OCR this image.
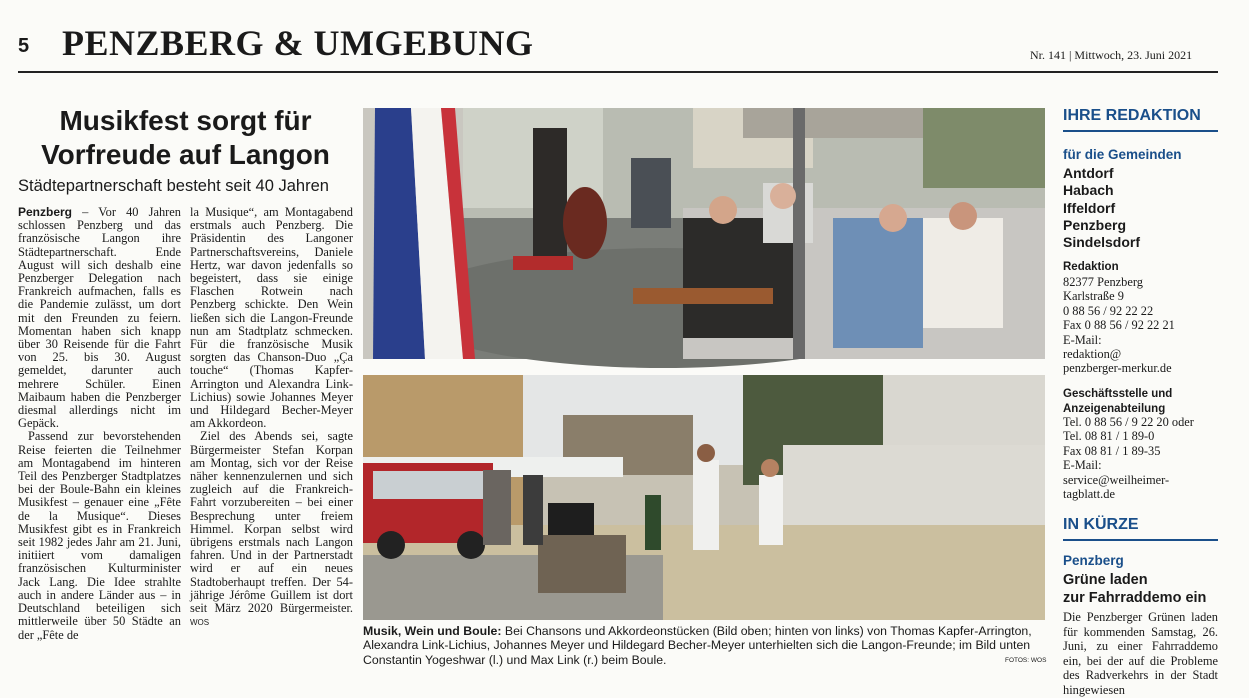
5 PENZBERG & UMGEBUNG	Nr. 141 | Mittwoch, 23. Juni 2021
Musikfest sorgt für
Vorfreude auf Langon
Städtepartnerschaft besteht seit 40 Jahren

Penzberg – Vor 40 Jahren schlossen Penzberg und das französische Langon ihre Städtepartnerschaft. Ende August will sich deshalb eine Penzberger Delegation nach Frankreich aufmachen, falls es die Pandemie zulässt, um dort mit den Freunden zu feiern. Momentan haben sich knapp über 30 Reisende für die Fahrt von 25. bis 30. August gemeldet, darunter auch mehrere Schüler. Einen Maibaum haben die Penzberger diesmal allerdings nicht im Gepäck.

Passend zur bevorstehenden Reise feierten die Teilnehmer am Montagabend im hinteren Teil des Penzberger Stadtplatzes bei der Boule-Bahn ein kleines Musikfest – genauer eine „Fête de la Musique“. Dieses Musikfest gibt es in Frankreich seit 1982 jedes Jahr am 21. Juni, initiiert vom damaligen französischen Kulturminister Jack Lang. Die Idee strahlte auch in andere Länder aus – in Deutschland beteiligen sich mittlerweile über 50 Städte an der „Fête de

la Musique“, am Montagabend erstmals auch Penzberg. Die Präsidentin des Langoner Partnerschaftsvereins, Daniele Hertz, war davon jedenfalls so begeistert, dass sie einige Flaschen Rotwein nach Penzberg schickte. Den Wein ließen sich die Langon-Freunde nun am Stadtplatz schmecken. Für die französische Musik sorgten das Chanson-Duo „Ça touche“ (Thomas Kapfer-Arrington und Alexandra Link-Lichius) sowie Johannes Meyer und Hildegard Becher-Meyer am Akkordeon.

Ziel des Abends sei, sagte Bürgermeister Stefan Korpan am Montag, sich vor der Reise näher kennenzulernen und sich zugleich auf die Frankreich-Fahrt vorzubereiten – bei einer Besprechung unter freiem Himmel. Korpan selbst wird übrigens erstmals nach Langon fahren. Und in der Partnerstadt wird er auf ein neues Stadtoberhaupt treffen. Der 54-jährige Jérôme Guillem ist dort seit März 2020 Bürgermeister. WOS

Musik, Wein und Boule: Bei Chansons und Akkordeonstücken (Bild oben; hinten von links) von Thomas Kapfer-Arrington, Alexandra Link-Lichius, Johannes Meyer und Hildegard Becher-Meyer unterhielten sich die Langon-Freunde; im Bild unten Constantin Yogeshwar (l.) und Max Link (r.) beim Boule.	FOTOS: WOS
IHRE REDAKTION
für die Gemeinden
Antdorf
Habach
Iffeldorf
Penzberg
Sindelsdorf
Redaktion
82377 Penzberg
Karlstraße 9
0 88 56 / 92 22 22
Fax 0 88 56 / 92 22 21
E-Mail:
redaktion@
penzberger-merkur.de
Geschäftsstelle und
Anzeigenabteilung
Tel. 0 88 56 / 9 22 20 oder
Tel. 08 81 / 1 89-0
Fax 08 81 / 1 89-35
E-Mail:
service@weilheimer-
tagblatt.de
IN KÜRZE
Penzberg
Grüne laden
zur Fahrraddemo ein
Die Penzberger Grünen laden für kommenden Samstag, 26. Juni, zu einer Fahrraddemo ein, bei der auf die Probleme des Radverkehrs in der Stadt hingewiesen
